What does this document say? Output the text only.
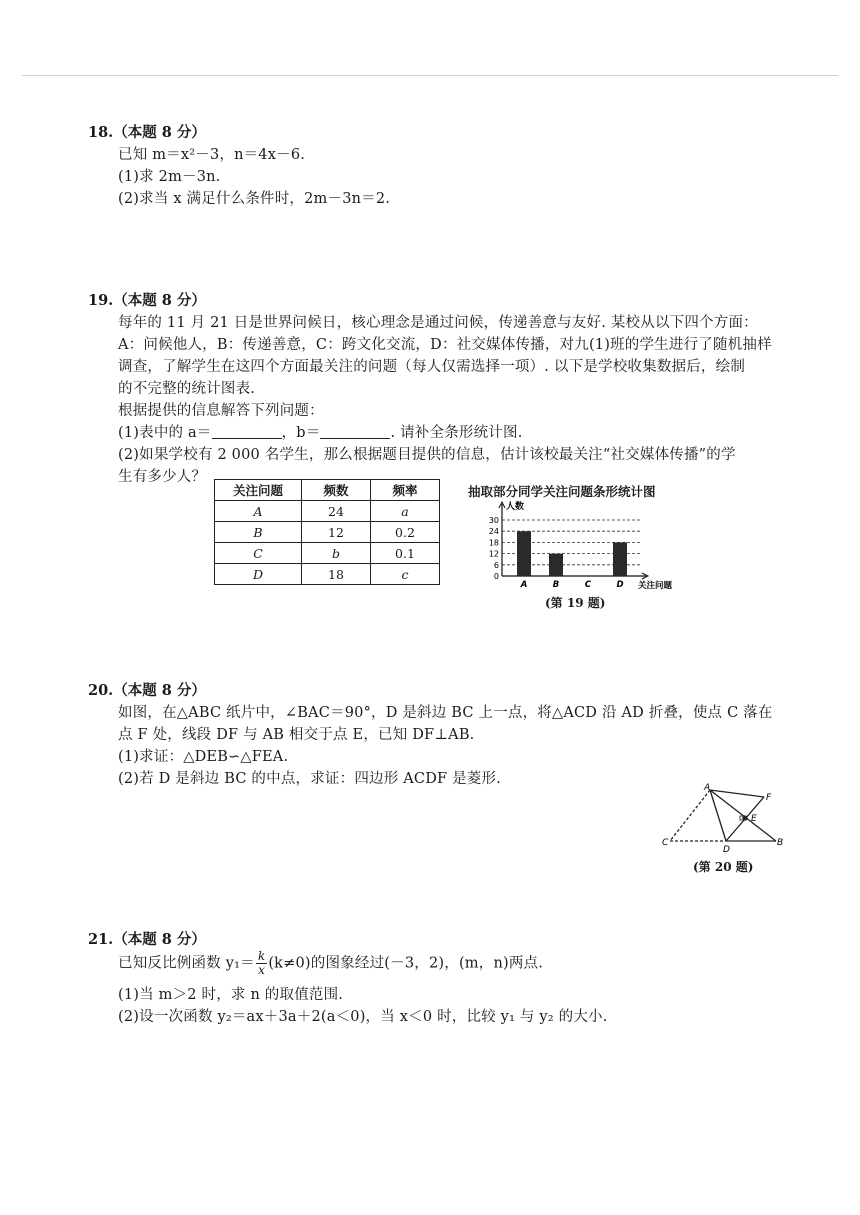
18.（本题 8 分）
已知 m＝x²－3，n＝4x－6.
(1)求 2m－3n.
(2)求当 x 满足什么条件时，2m－3n＝2.
19.（本题 8 分）
每年的 11 月 21 日是世界问候日，核心理念是通过问候，传递善意与友好. 某校从以下四个方面：
A：问候他人，B：传递善意，C：跨文化交流，D：社交媒体传播，对九(1)班的学生进行了随机抽样
调查，了解学生在这四个方面最关注的问题（每人仅需选择一项）. 以下是学校收集数据后，绘制
的不完整的统计图表.
根据提供的信息解答下列问题：
(1)表中的 a＝	，b＝	. 请补全条形统计图.
(2)如果学校有 2 000 名学生，那么根据题目提供的信息，估计该校最关注“社交媒体传播”的学
生有多少人？
关注问题	频数	频率
A	24	a
B	12	0.2
C	b	0.1
D	18	c
抽取部分同学关注问题条形统计图
0
6
12
18
24
30
人数
关注问题
A	B	C	D
(第 19 题)
20.（本题 8 分）
如图，在△ABC 纸片中，∠BAC＝90°，D 是斜边 BC 上一点，将△ACD 沿 AD 折叠，使点 C 落在
点 F 处，线段 DF 与 AB 相交于点 E，已知 DF⊥AB.
(1)求证：△DEB∽△FEA.
(2)若 D 是斜边 BC 的中点，求证：四边形 ACDF 是菱形.
A
F
E
B
C
D
(第 20 题)
21.（本题 8 分）
已知反比例函数 $y_1= \frac{k}{x} (k\ne 0)$的图象经过(－3，2)，(m，n)两点.
(1)当 m＞2 时，求 n 的取值范围.
(2)设一次函数 y₂＝ax＋3a＋2(a＜0)，当 x＜0 时，比较 y₁ 与 y₂ 的大小.
